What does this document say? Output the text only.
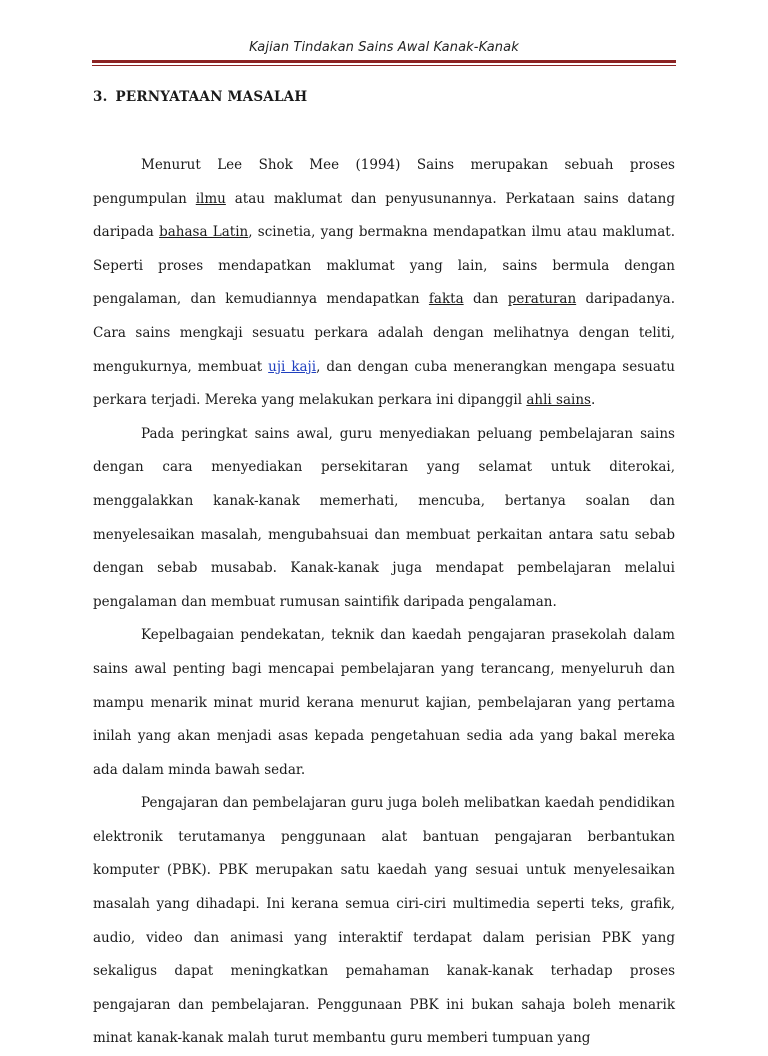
Kajian Tindakan Sains Awal Kanak-Kanak
3. PERNYATAAN MASALAH

Menurut Lee Shok Mee (1994) Sains merupakan sebuah proses pengumpulan ilmu atau maklumat dan penyusunannya. Perkataan sains datang daripada bahasa Latin, scinetia, yang bermakna mendapatkan ilmu atau maklumat. Seperti proses mendapatkan maklumat yang lain, sains bermula dengan pengalaman, dan kemudiannya mendapatkan fakta dan peraturan daripadanya. Cara sains mengkaji sesuatu perkara adalah dengan melihatnya dengan teliti, mengukurnya, membuat uji kaji, dan dengan cuba menerangkan mengapa sesuatu perkara terjadi. Mereka yang melakukan perkara ini dipanggil ahli sains.

Pada peringkat sains awal, guru menyediakan peluang pembelajaran sains dengan cara menyediakan persekitaran yang selamat untuk diterokai, menggalakkan kanak-kanak memerhati, mencuba, bertanya soalan dan menyelesaikan masalah, mengubahsuai dan membuat perkaitan antara satu sebab dengan sebab musabab. Kanak-kanak juga mendapat pembelajaran melalui pengalaman dan membuat rumusan saintifik daripada pengalaman.

Kepelbagaian pendekatan, teknik dan kaedah pengajaran prasekolah dalam sains awal penting bagi mencapai pembelajaran yang terancang, menyeluruh dan mampu menarik minat murid kerana menurut kajian, pembelajaran yang pertama inilah yang akan menjadi asas kepada pengetahuan sedia ada yang bakal mereka ada dalam minda bawah sedar.

Pengajaran dan pembelajaran guru juga boleh melibatkan kaedah pendidikan elektronik terutamanya penggunaan alat bantuan pengajaran berbantukan komputer (PBK). PBK merupakan satu kaedah yang sesuai untuk menyelesaikan masalah yang dihadapi. Ini kerana semua ciri-ciri multimedia seperti teks, grafik, audio, video dan animasi yang interaktif terdapat dalam perisian PBK yang sekaligus dapat meningkatkan pemahaman kanak-kanak terhadap proses pengajaran dan pembelajaran. Penggunaan PBK ini bukan sahaja boleh menarik minat kanak-kanak malah turut membantu guru memberi tumpuan yang
